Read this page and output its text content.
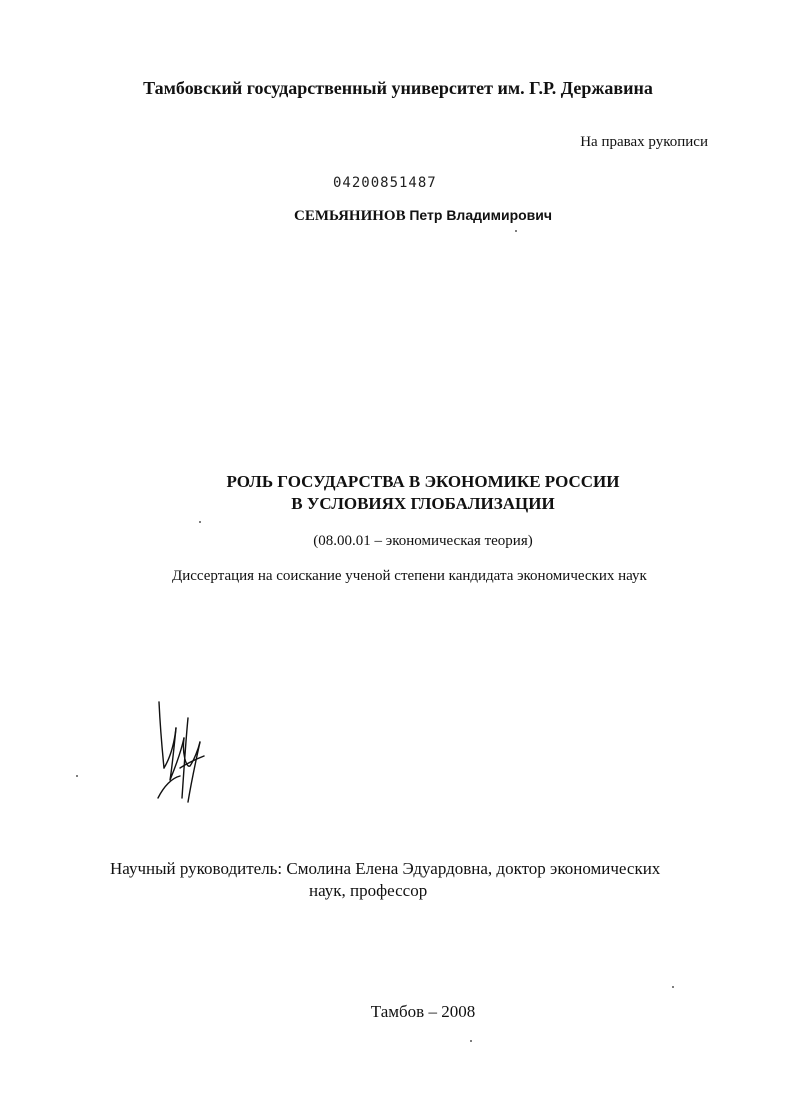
Тамбовский государственный университет им. Г.Р. Державина
На правах рукописи
04200851487
СЕМЬЯНИНОВ Петр Владимирович
РОЛЬ ГОСУДАРСТВА В ЭКОНОМИКЕ РОССИИ
В УСЛОВИЯХ ГЛОБАЛИЗАЦИИ
(08.00.01 – экономическая теория)
Диссертация на соискание ученой степени кандидата экономических наук
Научный руководитель: Смолина Елена Эдуардовна, доктор экономических
наук, профессор
Тамбов – 2008
